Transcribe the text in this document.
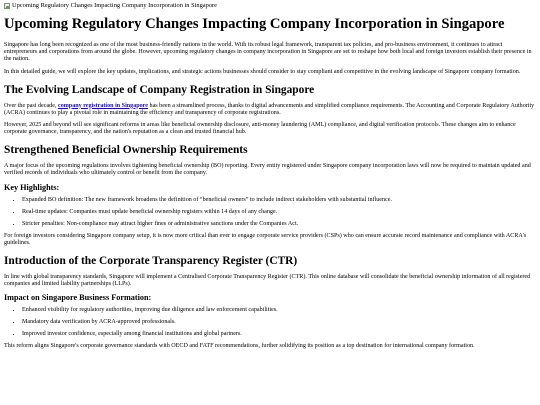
Upcoming Regulatory Changes Impacting Company Incorporation in Singapore
Upcoming Regulatory Changes Impacting Company Incorporation in Singapore

Singapore has long been recognized as one of the most business-friendly nations in the world. With its robust legal framework, transparent tax policies, and pro-business environment, it continues to attract entrepreneurs and corporations from around the globe. However, upcoming regulatory changes in company incorporation in Singapore are set to reshape how both local and foreign investors establish their presence in the nation.

In this detailed guide, we will explore the key updates, implications, and strategic actions businesses should consider to stay compliant and competitive in the evolving landscape of Singapore company formation.

The Evolving Landscape of Company Registration in Singapore

Over the past decade, company registration in Singapore has been a streamlined process, thanks to digital advancements and simplified compliance requirements. The Accounting and Corporate Regulatory Authority (ACRA) continues to play a pivotal role in maintaining the efficiency and transparency of corporate registrations.

However, 2025 and beyond will see significant reforms in areas like beneficial ownership disclosure, anti-money laundering (AML) compliance, and digital verification protocols. These changes aim to enhance corporate governance, transparency, and the nation's reputation as a clean and trusted financial hub.

Strengthened Beneficial Ownership Requirements

A major focus of the upcoming regulations involves tightening beneficial ownership (BO) reporting. Every entity registered under Singapore company incorporation laws will now be required to maintain updated and verified records of individuals who ultimately control or benefit from the company.

Key Highlights:
• Expanded BO definition: The new framework broadens the definition of “beneficial owners” to include indirect stakeholders with substantial influence.
• Real-time updates: Companies must update beneficial ownership registers within 14 days of any change.
• Stricter penalties: Non-compliance may attract higher fines or administrative sanctions under the Companies Act.

For foreign investors considering Singapore company setup, it is now more critical than ever to engage corporate service providers (CSPs) who can ensure accurate record maintenance and compliance with ACRA's guidelines.

Introduction of the Corporate Transparency Register (CTR)

In line with global transparency standards, Singapore will implement a Centralised Corporate Transparency Register (CTR). This online database will consolidate the beneficial ownership information of all registered companies and limited liability partnerships (LLPs).

Impact on Singapore Business Formation:
• Enhanced visibility for regulatory authorities, improving due diligence and law enforcement capabilities.
• Mandatory data verification by ACRA-approved professionals.
• Improved investor confidence, especially among financial institutions and global partners.

This reform aligns Singapore's corporate governance standards with OECD and FATF recommendations, further solidifying its position as a top destination for international company formation.
